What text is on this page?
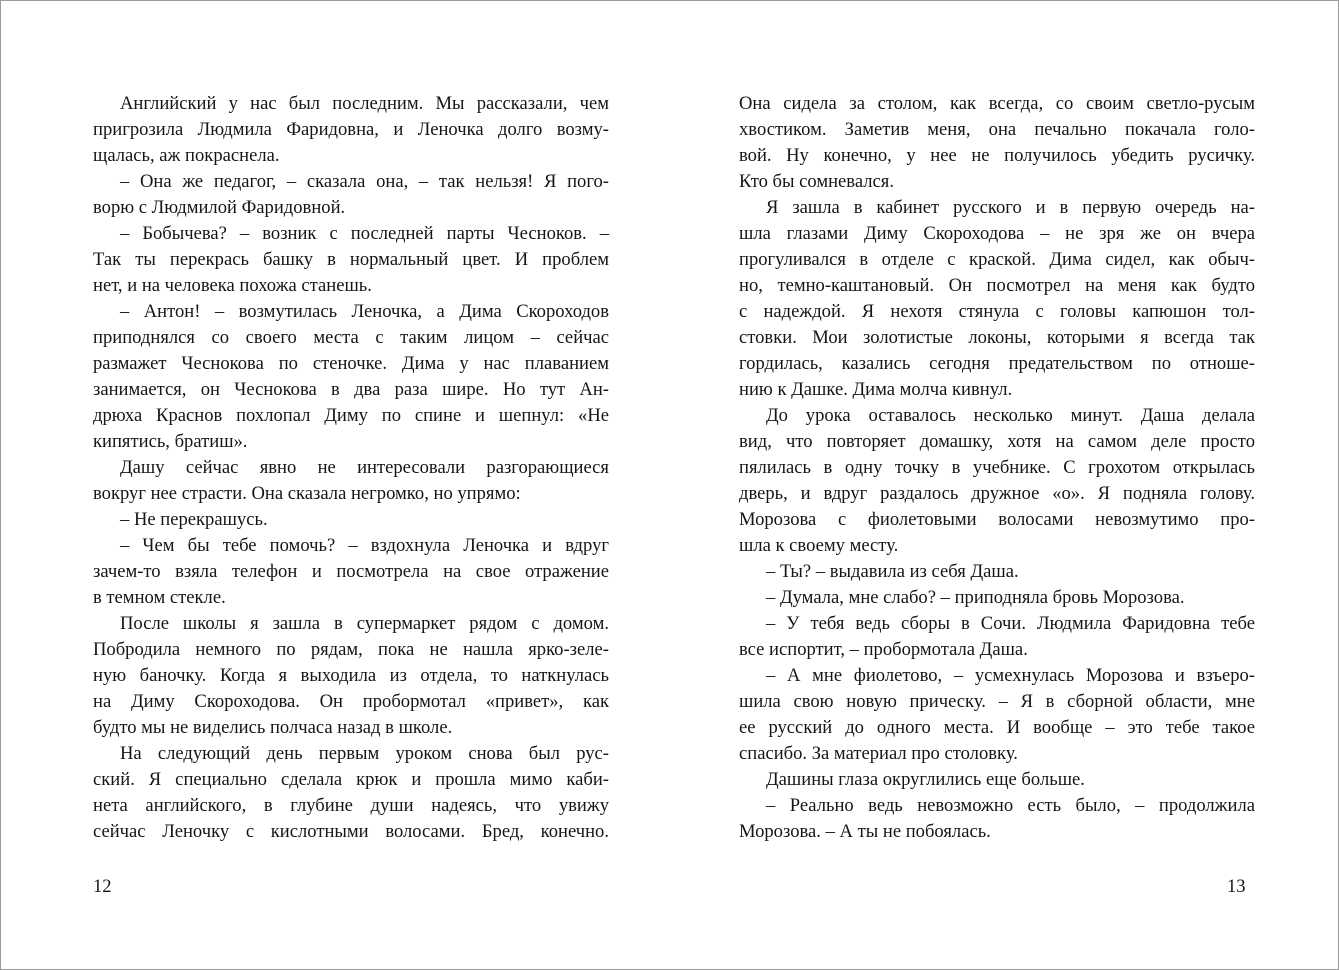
Английский у нас был последним. Мы рассказали, чем
пригрозила Людмила Фаридовна, и Леночка долго возму-
щалась, аж покраснела.
– Она же педагог, – сказала она, – так нельзя! Я пого-
ворю с Людмилой Фаридовной.
– Бобычева? – возник с последней парты Чесноков. –
Так ты перекрась башку в нормальный цвет. И проблем
нет, и на человека похожа станешь.
– Антон! – возмутилась Леночка, а Дима Скороходов
приподнялся со своего места с таким лицом – сейчас
размажет Чеснокова по стеночке. Дима у нас плаванием
занимается, он Чеснокова в два раза шире. Но тут Ан-
дрюха Краснов похлопал Диму по спине и шепнул: «Не
кипятись, братиш».
Дашу сейчас явно не интересовали разгорающиеся
вокруг нее страсти. Она сказала негромко, но упрямо:
– Не перекрашусь.
– Чем бы тебе помочь? – вздохнула Леночка и вдруг
зачем-то взяла телефон и посмотрела на свое отражение
в темном стекле.
После школы я зашла в супермаркет рядом с домом.
Побродила немного по рядам, пока не нашла ярко-зеле-
ную баночку. Когда я выходила из отдела, то наткнулась
на Диму Скороходова. Он пробормотал «привет», как
будто мы не виделись полчаса назад в школе.
На следующий день первым уроком снова был рус-
ский. Я специально сделала крюк и прошла мимо каби-
нета английского, в глубине души надеясь, что увижу
сейчас Леночку с кислотными волосами. Бред, конечно.
Она сидела за столом, как всегда, со своим светло-русым
хвостиком. Заметив меня, она печально покачала голо-
вой. Ну конечно, у нее не получилось убедить русичку.
Кто бы сомневался.
Я зашла в кабинет русского и в первую очередь на-
шла глазами Диму Скороходова – не зря же он вчера
прогуливался в отделе с краской. Дима сидел, как обыч-
но, темно-каштановый. Он посмотрел на меня как будто
с надеждой. Я нехотя стянула с головы капюшон тол-
стовки. Мои золотистые локоны, которыми я всегда так
гордилась, казались сегодня предательством по отноше-
нию к Дашке. Дима молча кивнул.
До урока оставалось несколько минут. Даша делала
вид, что повторяет домашку, хотя на самом деле просто
пялилась в одну точку в учебнике. С грохотом открылась
дверь, и вдруг раздалось дружное «о». Я подняла голову.
Морозова с фиолетовыми волосами невозмутимо про-
шла к своему месту.
– Ты? – выдавила из себя Даша.
– Думала, мне слабо? – приподняла бровь Морозова.
– У тебя ведь сборы в Сочи. Людмила Фаридовна тебе
все испортит, – пробормотала Даша.
– А мне фиолетово, – усмехнулась Морозова и взъеро-
шила свою новую прическу. – Я в сборной области, мне
ее русский до одного места. И вообще – это тебе такое
спасибо. За материал про столовку.
Дашины глаза округлились еще больше.
– Реально ведь невозможно есть было, – продолжила
Морозова. – А ты не побоялась.
12	13
